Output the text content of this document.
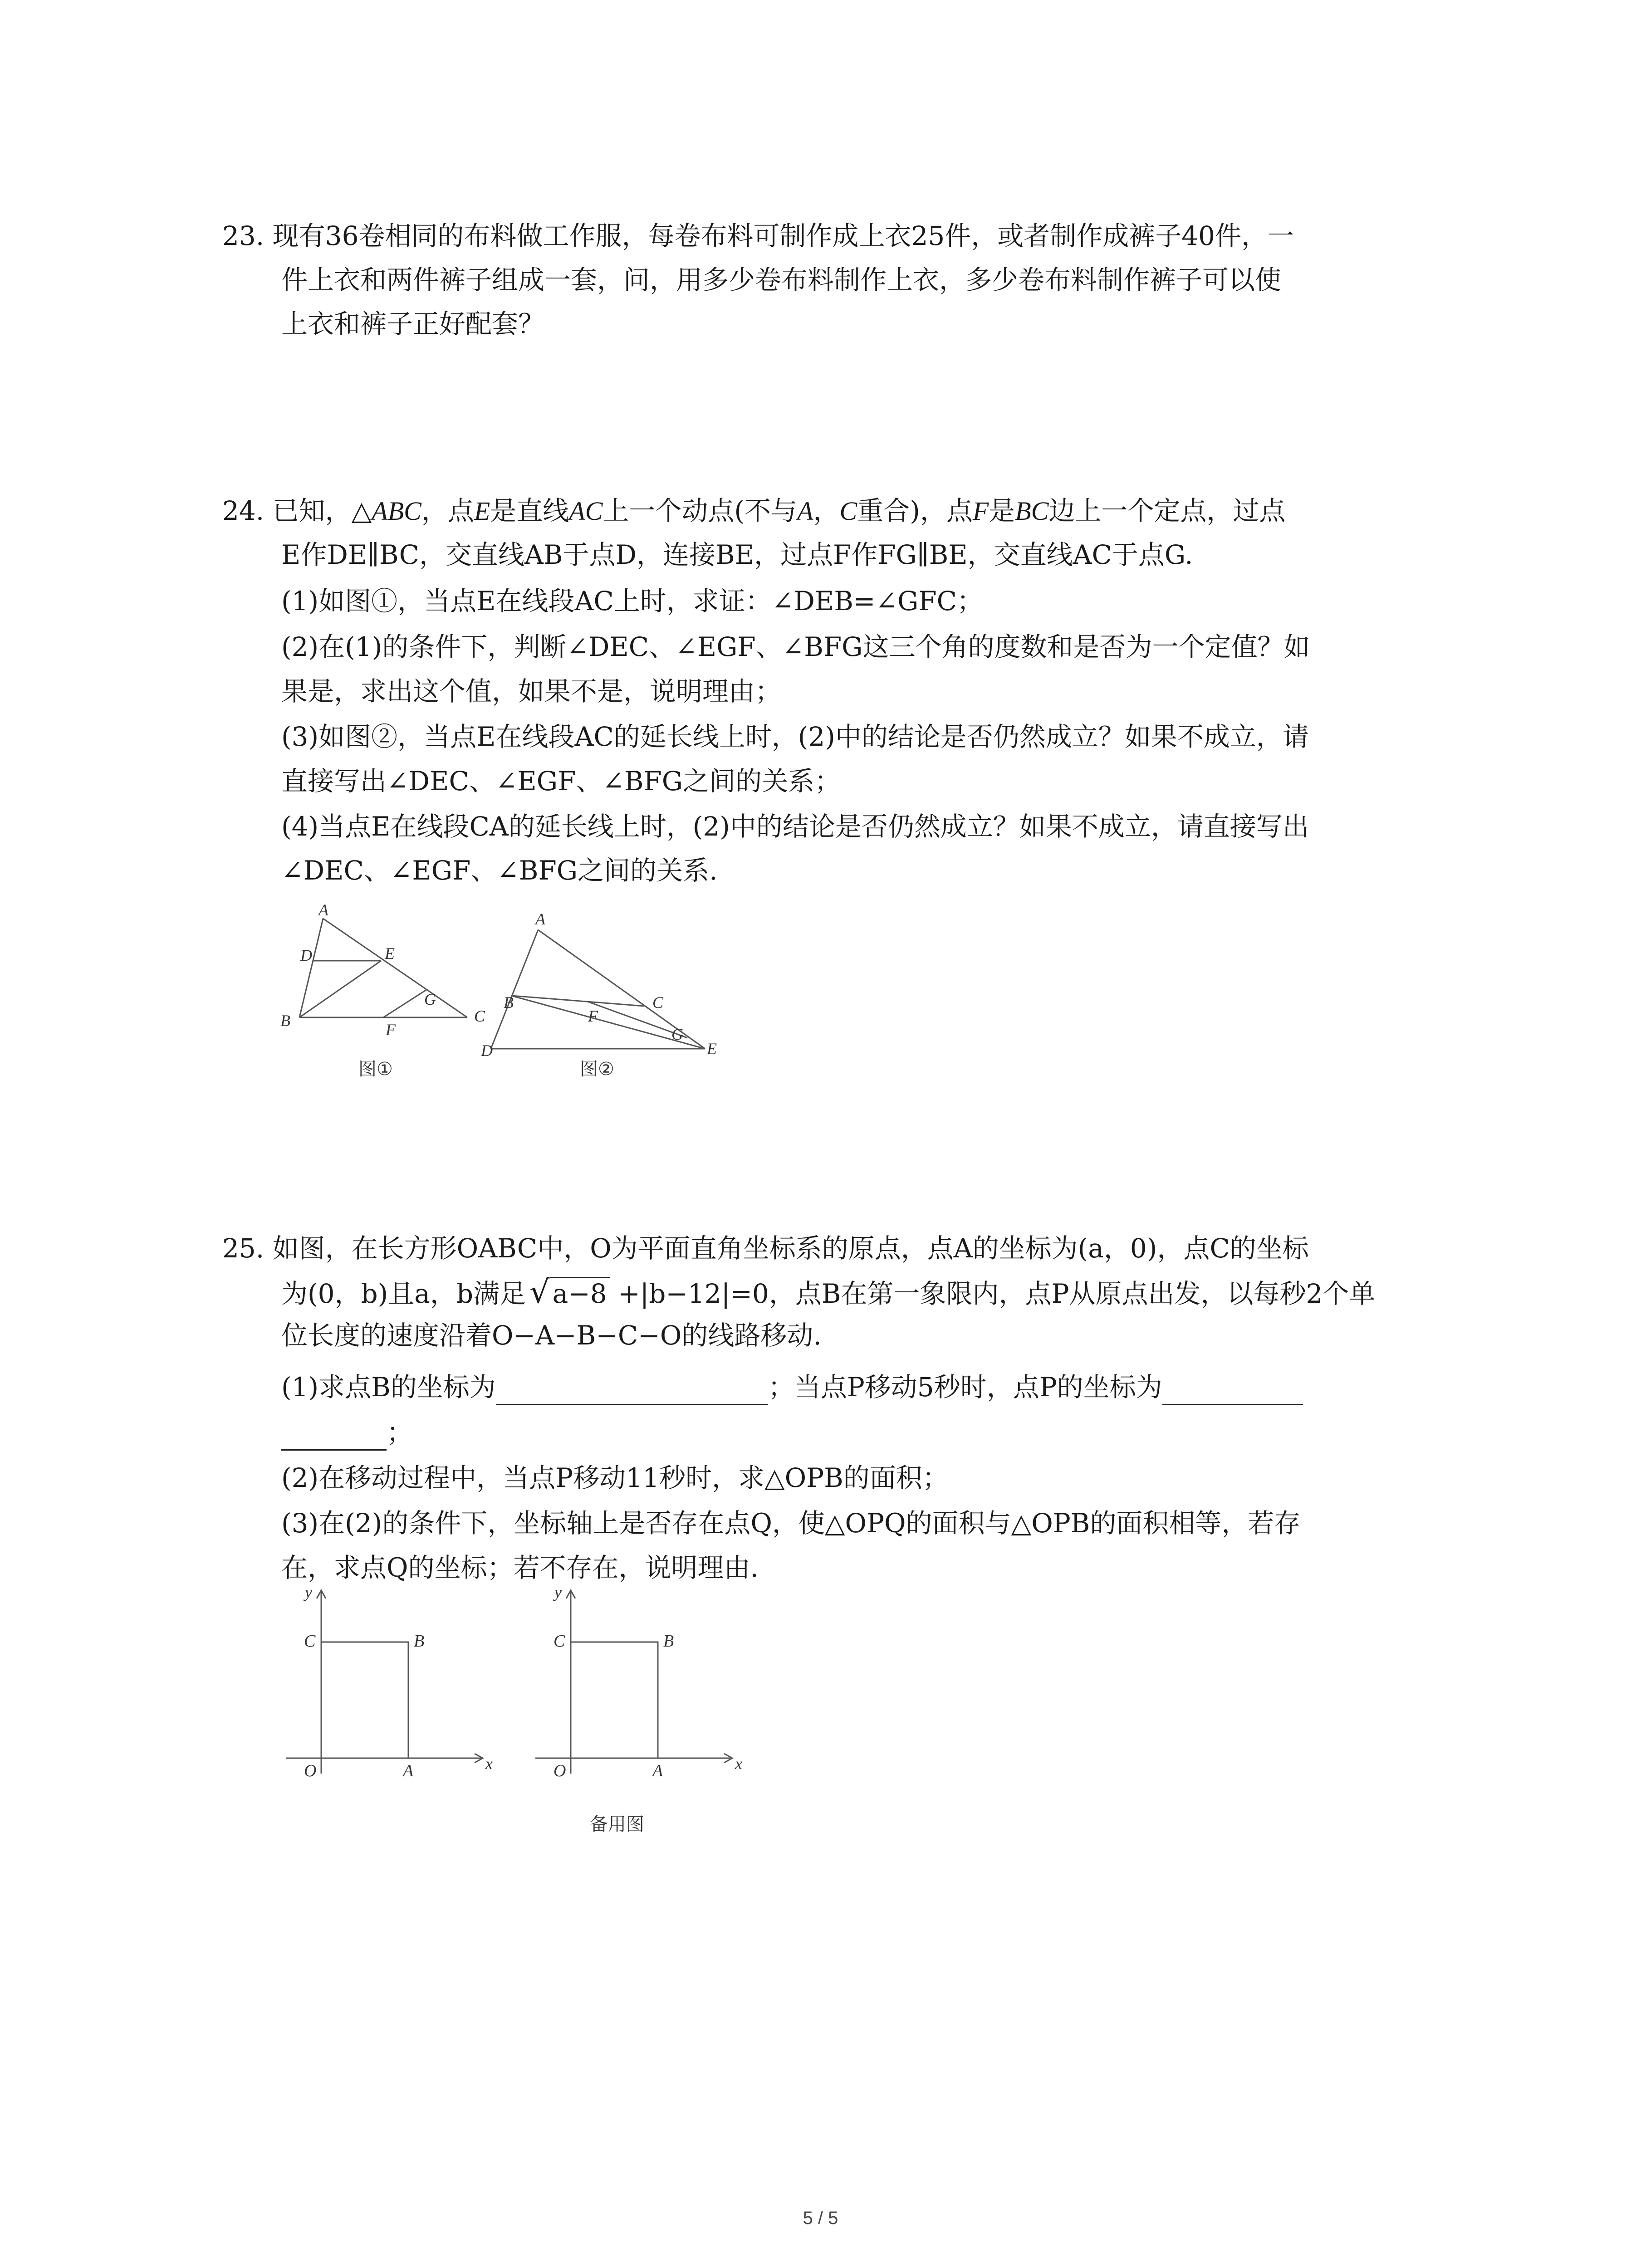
23. 现有36卷相同的布料做工作服，每卷布料可制作成上衣25件，或者制作成裤子40件，一
件上衣和两件裤子组成一套，问，用多少卷布料制作上衣，多少卷布料制作裤子可以使
上衣和裤子正好配套？
24. 已知，△ABC，点E是直线AC上一个动点(不与A，C重合)，点F是BC边上一个定点，过点
E作DE∥BC，交直线AB于点D，连接BE，过点F作FG∥BE，交直线AC于点G.
(1)如图①，当点E在线段AC上时，求证：∠DEB=∠GFC；
(2)在(1)的条件下，判断∠DEC、∠EGF、∠BFG这三个角的度数和是否为一个定值？如
果是，求出这个值，如果不是，说明理由；
(3)如图②，当点E在线段AC的延长线上时，(2)中的结论是否仍然成立？如果不成立，请
直接写出∠DEC、∠EGF、∠BFG之间的关系；
(4)当点E在线段CA的延长线上时，(2)中的结论是否仍然成立？如果不成立，请直接写出
∠DEC、∠EGF、∠BFG之间的关系.
A
D	E
B	F
G
C
图①
A
B	C
F
G
D	E
图②
25. 如图，在长方形OABC中，O为平面直角坐标系的原点，点A的坐标为(a，0)，点C的坐标
为(0，b)且a，b满足 √ a−8 +|b−12|=0，点B在第一象限内，点P从原点出发，以每秒2个单
位长度的速度沿着O−A−B−C−O的线路移动.
(1)求点B的坐标为	；当点P移动5秒时，点P的坐标为
；
(2)在移动过程中，当点P移动11秒时，求△OPB的面积；
(3)在(2)的条件下，坐标轴上是否存在点Q，使△OPQ的面积与△OPB的面积相等，若存
在，求点Q的坐标；若不存在，说明理由.
y
x
C	B
O	A
y
x
C	B
O	A
备用图
5 / 5
